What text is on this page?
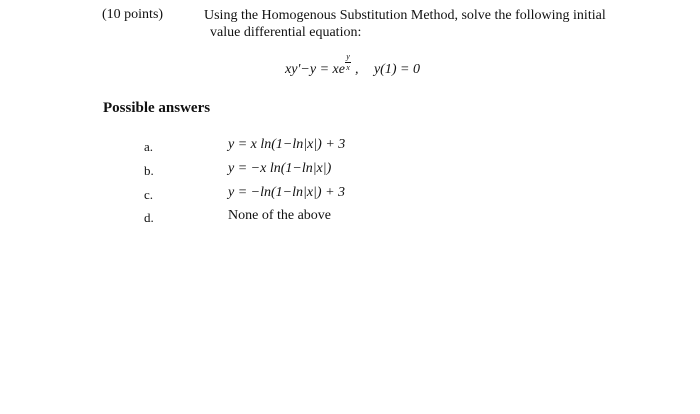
(10 points)	Using the Homogenous Substitution Method, solve the following initial
value differential equation:
xy'−y = xe $\frac{y}{x}$ , y(1) = 0
Possible answers
a.	y = x ln(1−ln|x|) + 3
b.	y = −x ln(1−ln|x|)
c.	y = −ln(1−ln|x|) + 3
d.	None of the above
